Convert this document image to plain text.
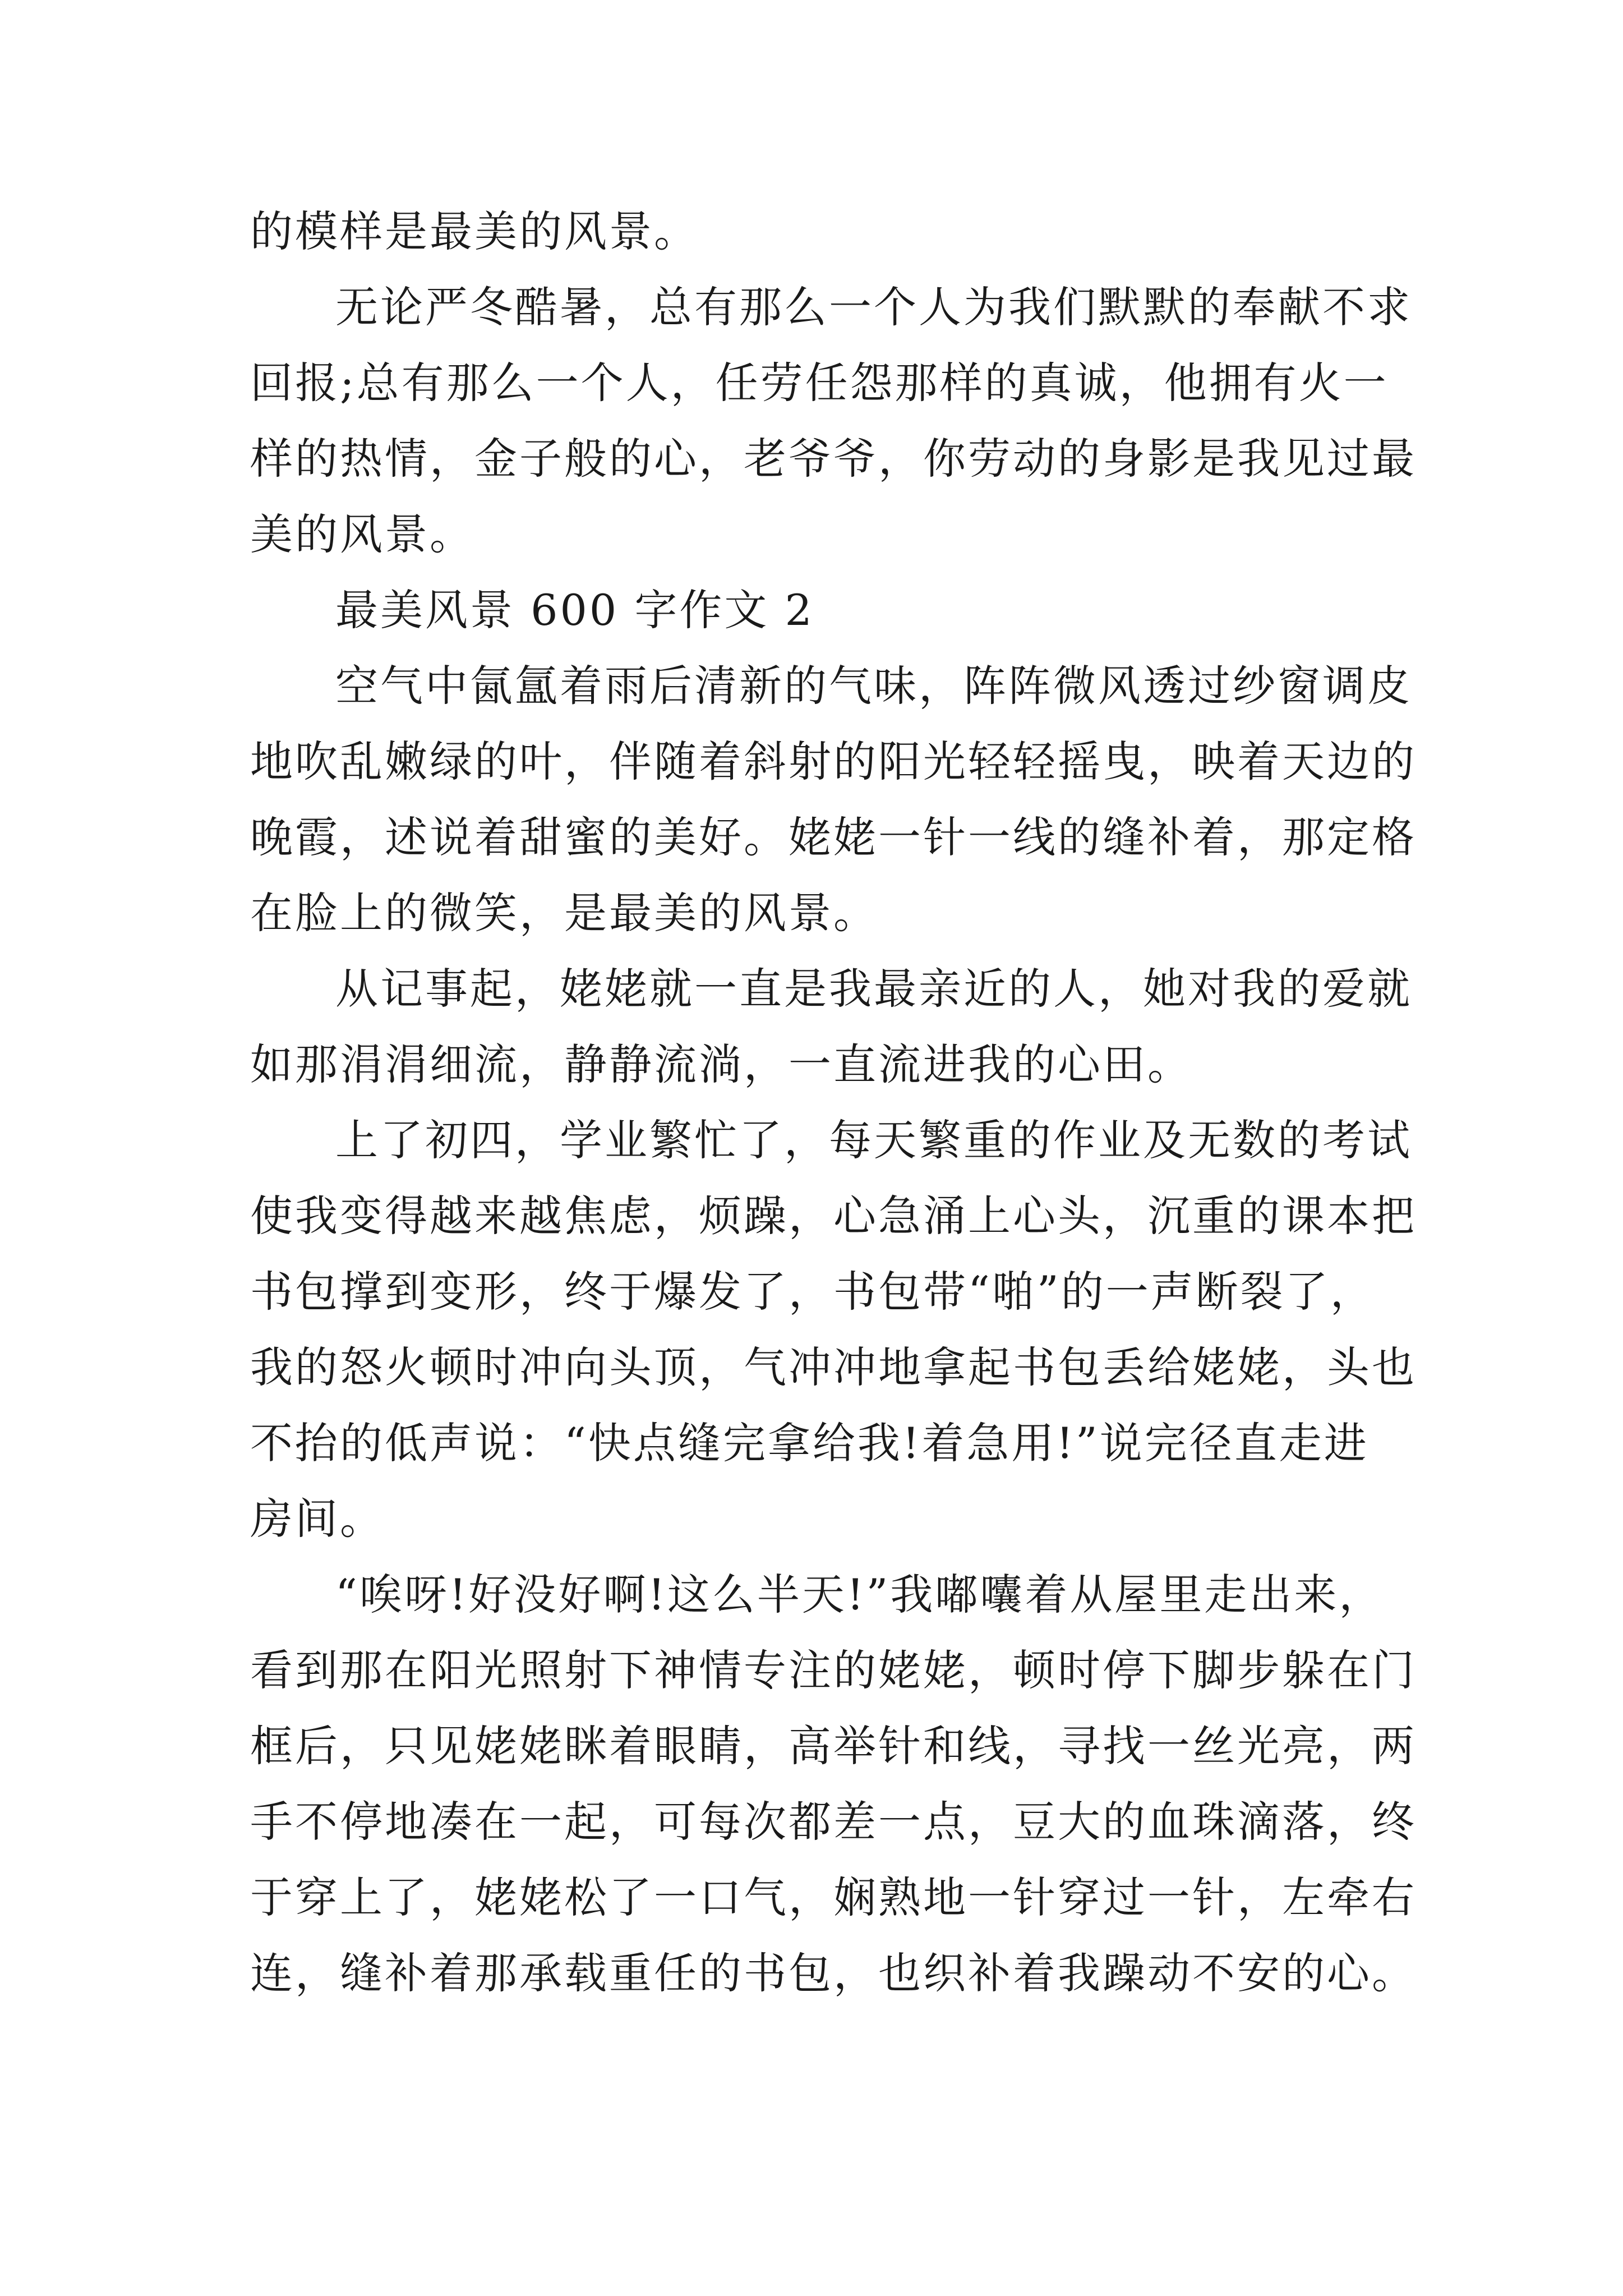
的模样是最美的风景。
无论严冬酷暑，总有那么一个人为我们默默的奉献不求
回报;总有那么一个人，任劳任怨那样的真诚，他拥有火一
样的热情，金子般的心，老爷爷，你劳动的身影是我见过最
美的风景。
最美风景 600 字作文 2
空气中氤氲着雨后清新的气味，阵阵微风透过纱窗调皮
地吹乱嫩绿的叶，伴随着斜射的阳光轻轻摇曳，映着天边的
晚霞，述说着甜蜜的美好。姥姥一针一线的缝补着，那定格
在脸上的微笑，是最美的风景。
从记事起，姥姥就一直是我最亲近的人，她对我的爱就
如那涓涓细流，静静流淌，一直流进我的心田。
上了初四，学业繁忙了，每天繁重的作业及无数的考试
使我变得越来越焦虑，烦躁，心急涌上心头，沉重的课本把
书包撑到变形，终于爆发了，书包带“啪”的一声断裂了，
我的怒火顿时冲向头顶，气冲冲地拿起书包丢给姥姥，头也
不抬的低声说：“快点缝完拿给我!着急用!”说完径直走进
房间。
“唉呀!好没好啊!这么半天!”我嘟囔着从屋里走出来，
看到那在阳光照射下神情专注的姥姥，顿时停下脚步躲在门
框后，只见姥姥眯着眼睛，高举针和线，寻找一丝光亮，两
手不停地凑在一起，可每次都差一点，豆大的血珠滴落，终
于穿上了，姥姥松了一口气，娴熟地一针穿过一针，左牵右
连，缝补着那承载重任的书包，也织补着我躁动不安的心。
